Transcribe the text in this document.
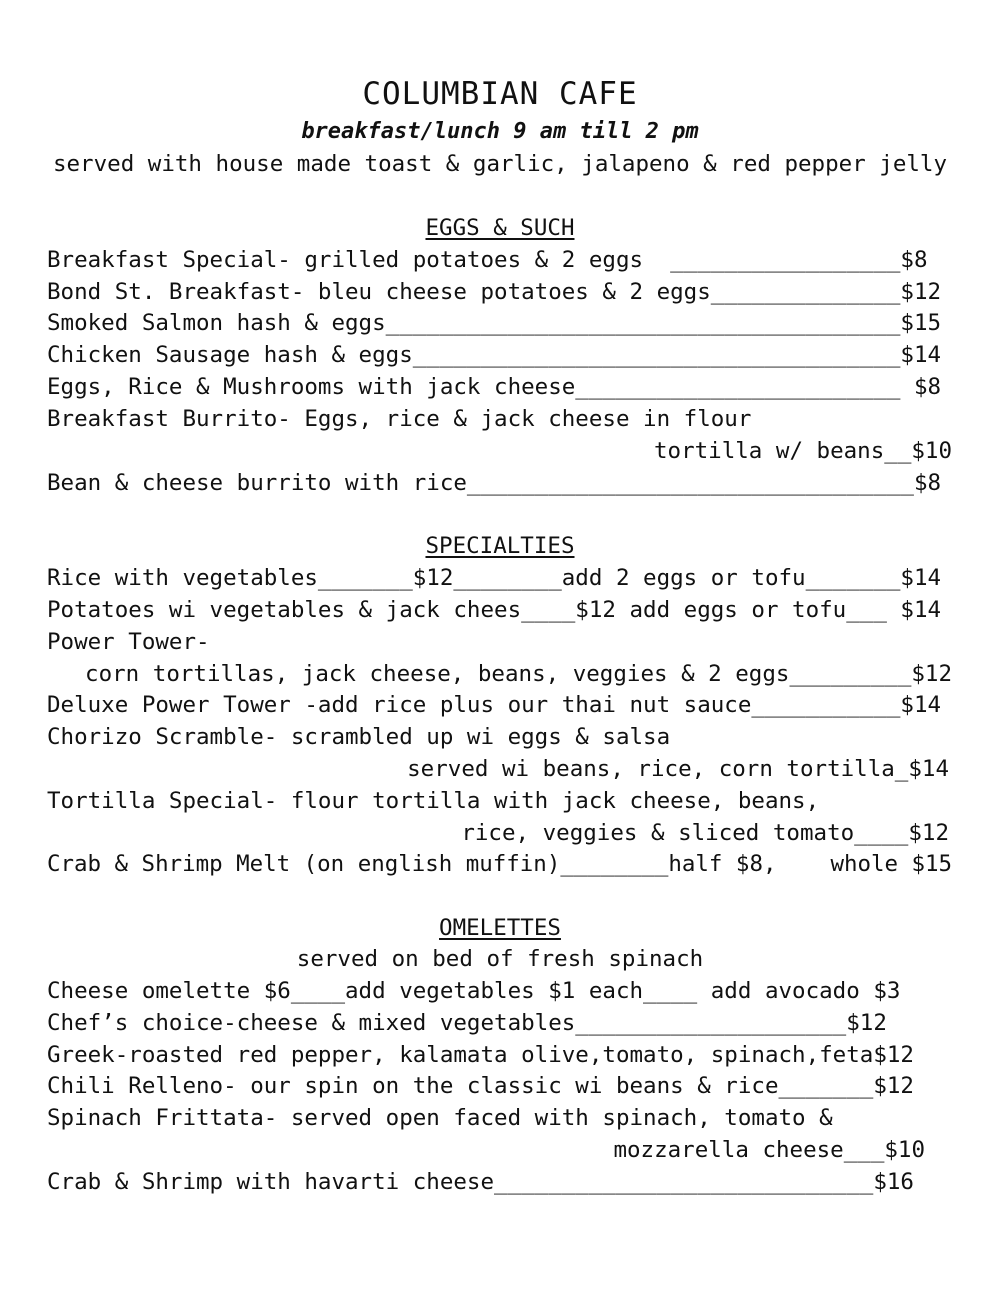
COLUMBIAN CAFE
breakfast/lunch 9 am till 2 pm
served with house made toast & garlic, jalapeno & red pepper jelly
EGGS & SUCH
Breakfast Special- grilled potatoes & 2 eggs  _________________$8
Bond St. Breakfast- bleu cheese potatoes & 2 eggs______________$12
Smoked Salmon hash & eggs______________________________________$15
Chicken Sausage hash & eggs____________________________________$14
Eggs, Rice & Mushrooms with jack cheese________________________ $8
Breakfast Burrito- Eggs, rice & jack cheese in flour
tortilla w/ beans__$10
Bean & cheese burrito with rice_________________________________$8
SPECIALTIES
Rice with vegetables_______$12________add 2 eggs or tofu_______$14
Potatoes wi vegetables & jack chees____$12 add eggs or tofu___ $14
Power Tower-
corn tortillas, jack cheese, beans, veggies & 2 eggs_________$12
Deluxe Power Tower -add rice plus our thai nut sauce___________$14
Chorizo Scramble- scrambled up wi eggs & salsa
served wi beans, rice, corn tortilla_$14
Tortilla Special- flour tortilla with jack cheese, beans,
rice, veggies & sliced tomato____$12
Crab & Shrimp Melt (on english muffin)________half $8,    whole $15
OMELETTES
served on bed of fresh spinach
Cheese omelette $6____add vegetables $1 each____ add avocado $3
Chef’s choice-cheese & mixed vegetables____________________$12
Greek-roasted red pepper, kalamata olive,tomato, spinach,feta$12
Chili Relleno- our spin on the classic wi beans & rice_______$12
Spinach Frittata- served open faced with spinach, tomato &
mozzarella cheese___$10
Crab & Shrimp with havarti cheese____________________________$16
